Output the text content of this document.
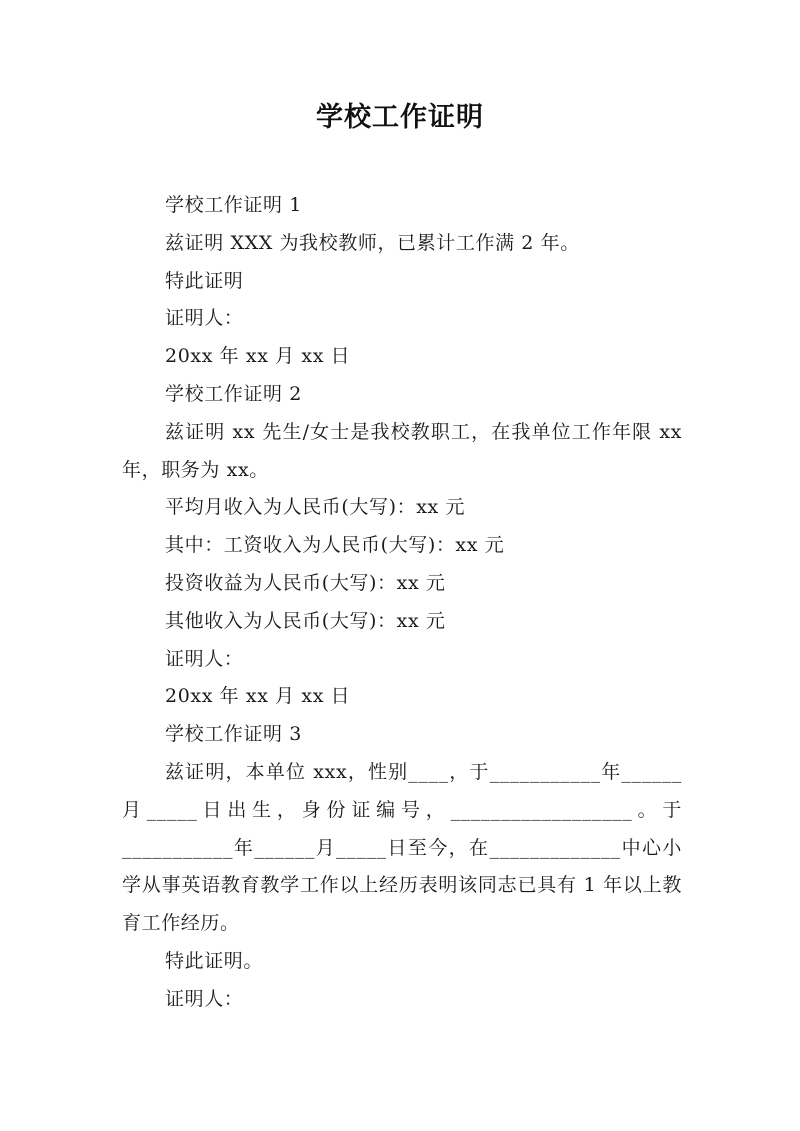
学校工作证明

学校工作证明 1

兹证明 XXX 为我校教师，已累计工作满 2 年。

特此证明

证明人：

20xx 年 xx 月 xx 日

学校工作证明 2

兹证明 xx 先生/女士是我校教职工，在我单位工作年限 xx 年，职务为 xx。

平均月收入为人民币(大写)：xx 元

其中：工资收入为人民币(大写)：xx 元

投资收益为人民币(大写)：xx 元

其他收入为人民币(大写)：xx 元

证明人：

20xx 年 xx 月 xx 日

学校工作证明 3

兹证明，本单位 xxx，性别____，于___________年______月_____日出生，身份证编号，__________________。于___________年______月_____日至今，在_____________中心小学从事英语教育教学工作以上经历表明该同志已具有 1 年以上教育工作经历。

特此证明。

证明人：
